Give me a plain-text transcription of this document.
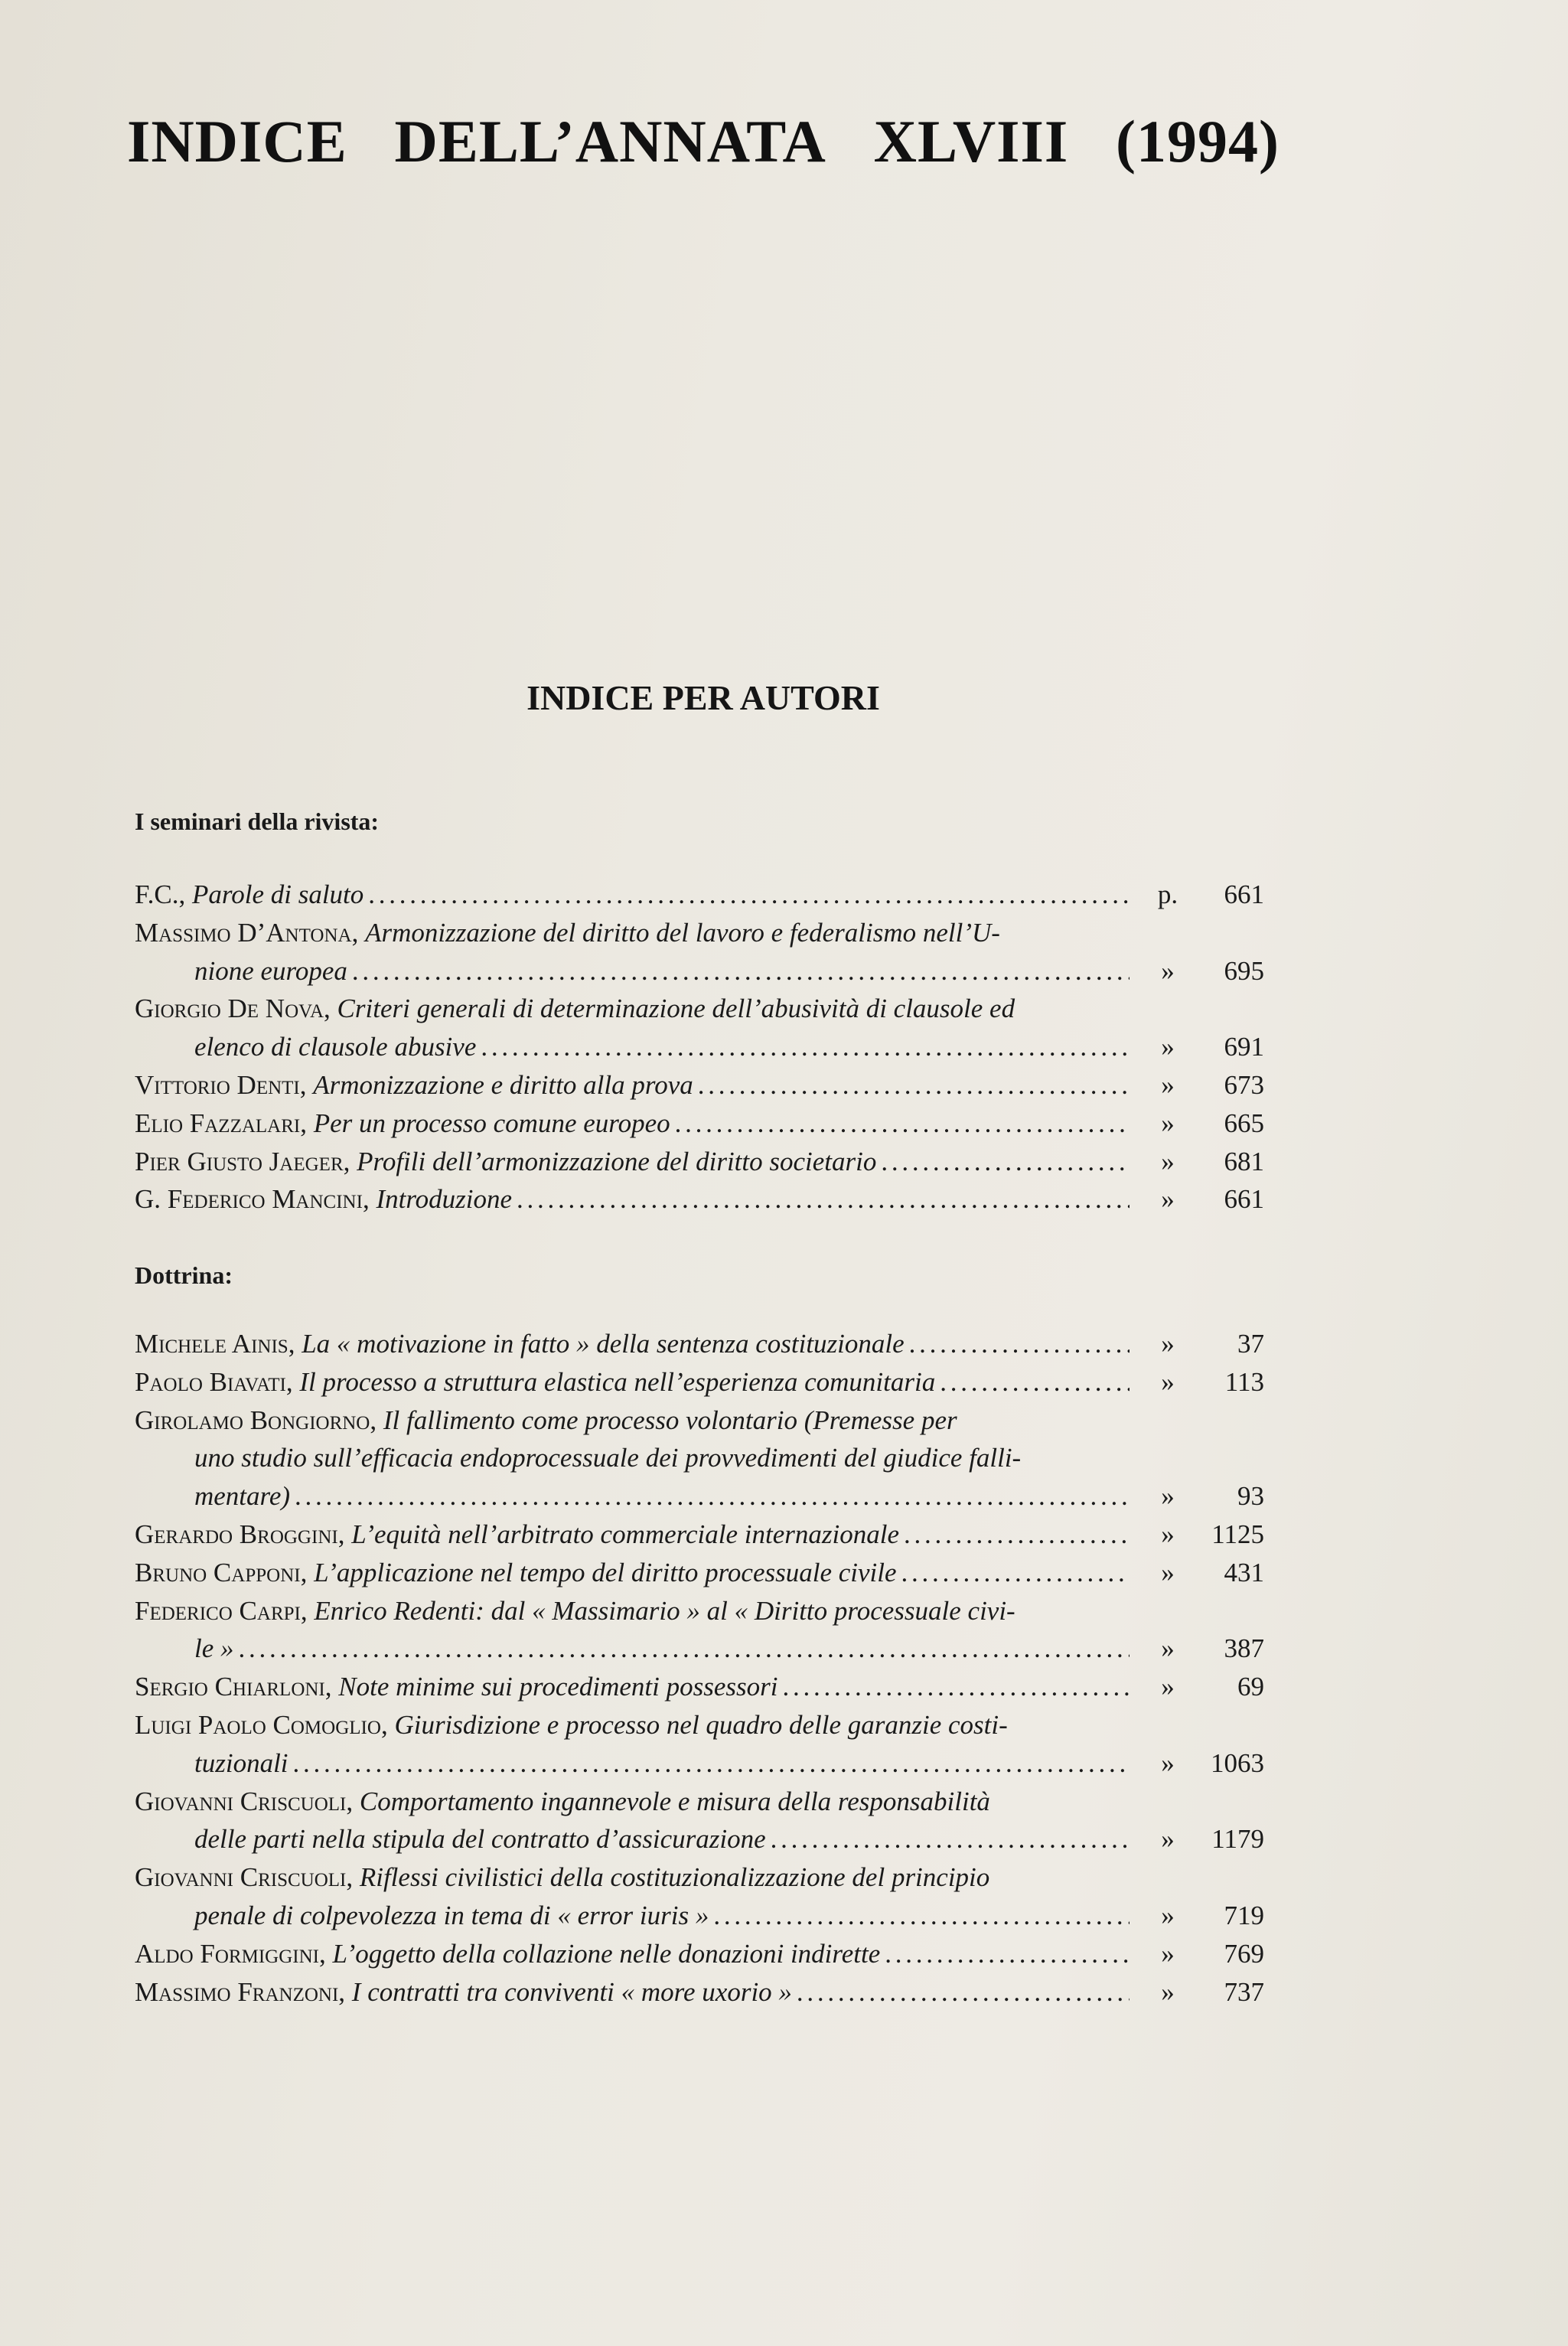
INDICE DELL’ANNATA XLVIII (1994)
INDICE PER AUTORI
I seminari della rivista:
F.C. , Parole di saluto . . .	p.	661
Massimo D’Antona , Armonizzazione del diritto del lavoro e federalismo nell’U-
nione europea . . .	»	695
Giorgio De Nova , Criteri generali di determinazione dell’abusività di clausole ed
elenco di clausole abusive . . .	»	691
Vittorio Denti , Armonizzazione e diritto alla prova . . .	»	673
Elio Fazzalari , Per un processo comune europeo . . .	»	665
Pier Giusto Jaeger , Profili dell’armonizzazione del diritto societario . . .	»	681
G. Federico Mancini , Introduzione . . .	»	661
Dottrina:
Michele Ainis , La « motivazione in fatto » della sentenza costituzionale . . .	»	37
Paolo Biavati , Il processo a struttura elastica nell’esperienza comunitaria . . .	»	113
Girolamo Bongiorno , Il fallimento come processo volontario (Premesse per
uno studio sull’efficacia endoprocessuale dei provvedimenti del giudice falli-
mentare) . . .	»	93
Gerardo Broggini , L’equità nell’arbitrato commerciale internazionale . . .	»	1125
Bruno Capponi , L’applicazione nel tempo del diritto processuale civile . . .	»	431
Federico Carpi , Enrico Redenti: dal « Massimario » al « Diritto processuale civi-
le » . . .	»	387
Sergio Chiarloni , Note minime sui procedimenti possessori . . .	»	69
Luigi Paolo Comoglio , Giurisdizione e processo nel quadro delle garanzie costi-
tuzionali . . .	»	1063
Giovanni Criscuoli , Comportamento ingannevole e misura della responsabilità
delle parti nella stipula del contratto d’assicurazione . . .	»	1179
Giovanni Criscuoli , Riflessi civilistici della costituzionalizzazione del principio
penale di colpevolezza in tema di « error iuris » . . .	»	719
Aldo Formiggini , L’oggetto della collazione nelle donazioni indirette . . .	»	769
Massimo Franzoni , I contratti tra conviventi « more uxorio » . . .	»	737
